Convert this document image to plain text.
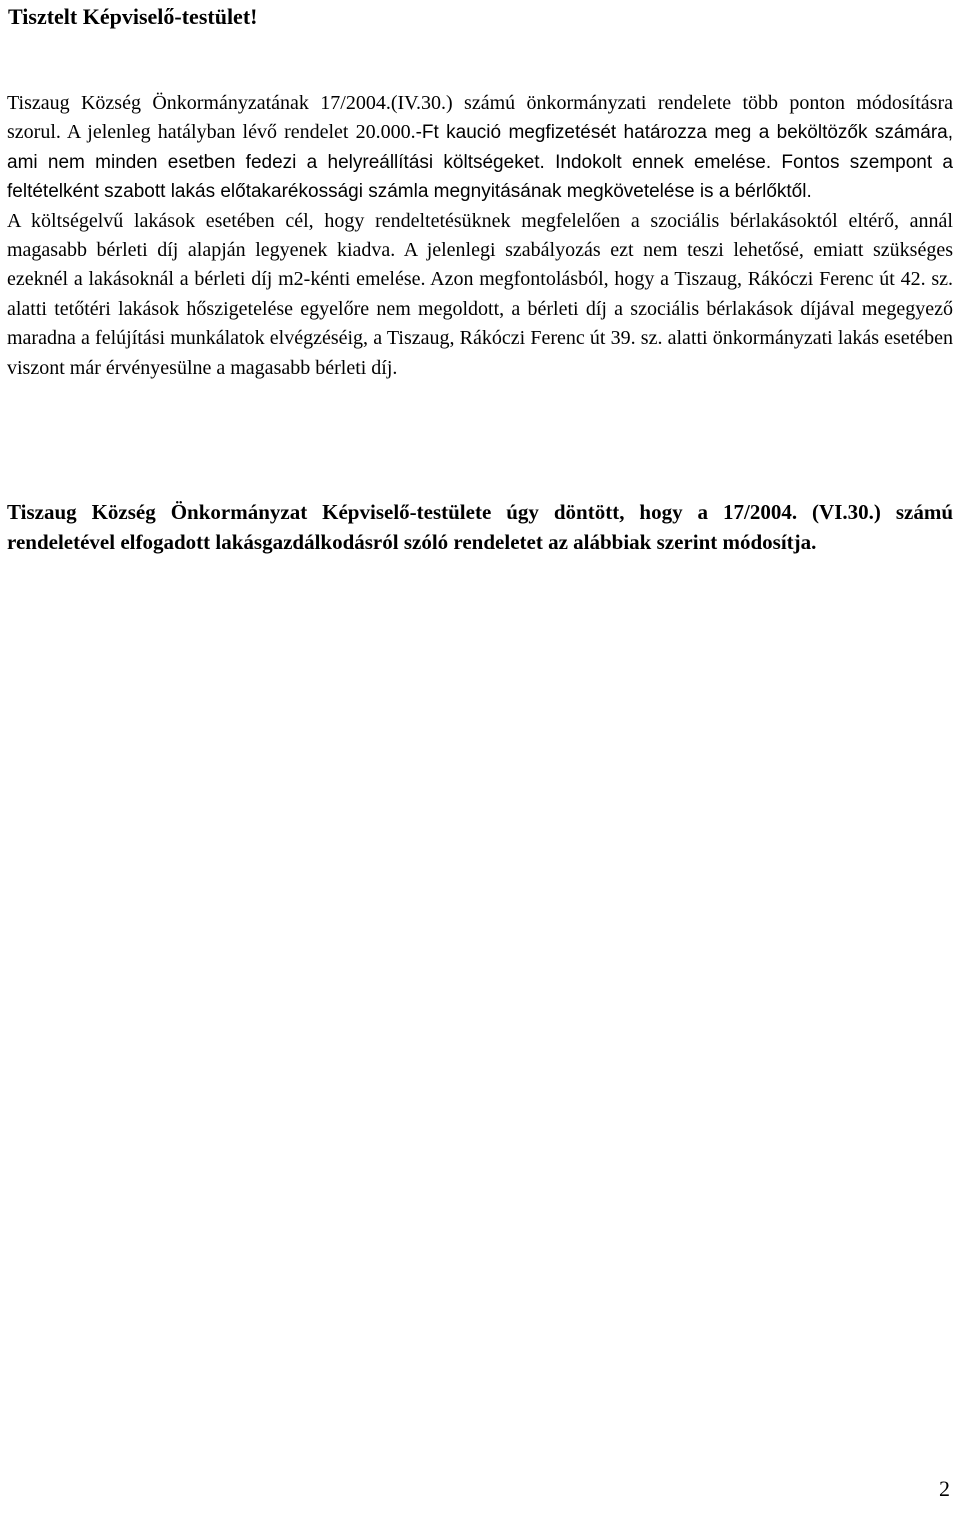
Tisztelt Képviselő-testület!

Tiszaug Község Önkormányzatának 17/2004.(IV.30.) számú önkormányzati rendelete több ponton módosításra szorul. A jelenleg hatályban lévő rendelet 20.000.-Ft kaució megfizetését határozza meg a beköltözők számára, ami nem minden esetben fedezi a helyreállítási költségeket. Indokolt ennek emelése. Fontos szempont a feltételként szabott lakás előtakarékossági számla megnyitásának megkövetelése is a bérlőktől.
A költségelvű lakások esetében cél, hogy rendeltetésüknek megfelelően a szociális bérlakásoktól eltérő, annál magasabb bérleti díj alapján legyenek kiadva. A jelenlegi szabályozás ezt nem teszi lehetősé, emiatt szükséges ezeknél a lakásoknál a bérleti díj m2-kénti emelése. Azon megfontolásból, hogy a Tiszaug, Rákóczi Ferenc út 42. sz. alatti tetőtéri lakások hőszigetelése egyelőre nem megoldott, a bérleti díj a szociális bérlakások díjával megegyező maradna a felújítási munkálatok elvégzéséig, a Tiszaug, Rákóczi Ferenc út 39. sz. alatti önkormányzati lakás esetében viszont már érvényesülne a magasabb bérleti díj.

Tiszaug Község Önkormányzat Képviselő-testülete úgy döntött, hogy a 17/2004. (VI.30.) számú rendeletével elfogadott lakásgazdálkodásról szóló rendeletet az alábbiak szerint módosítja.

2
